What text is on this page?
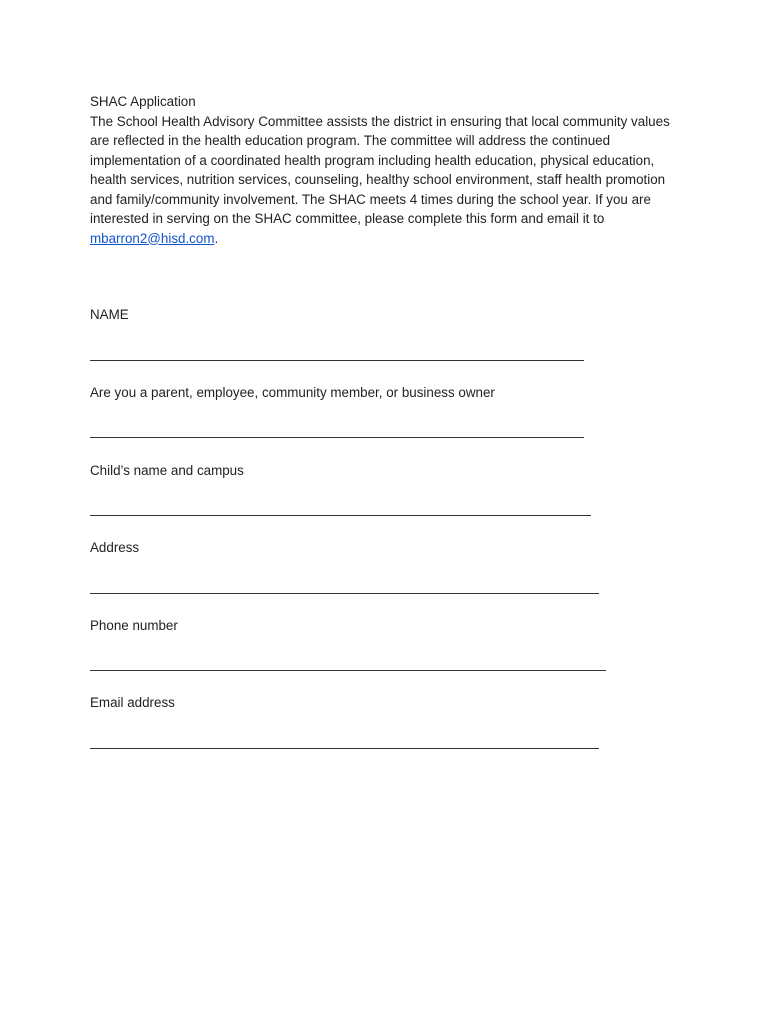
SHAC Application

The School Health Advisory Committee assists the district in ensuring that local community values are reflected in the health education program. The committee will address the continued implementation of a coordinated health program including health education, physical education, health services, nutrition services, counseling, healthy school environment, staff health promotion and family/community involvement. The SHAC meets 4 times during the school year. If you are interested in serving on the SHAC committee, please complete this form and email it to mbarron2@hisd.com.

NAME
Are you a parent, employee, community member, or business owner
Child’s name and campus
Address
Phone number
Email address
